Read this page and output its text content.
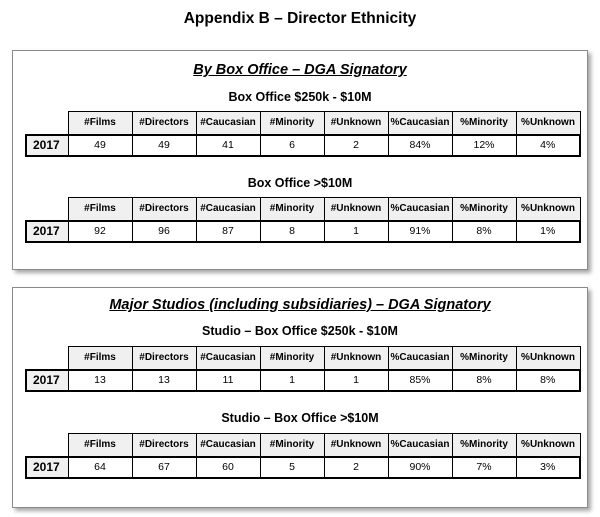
Appendix B – Director Ethnicity
By Box Office – DGA Signatory
Box Office $250k - $10M
	#Films	#Directors	#Caucasian	#Minority	#Unknown	%Caucasian	%Minority	%Unknown
2017	49	49	41	6	2	84%	12%	4%
Box Office >$10M
	#Films	#Directors	#Caucasian	#Minority	#Unknown	%Caucasian	%Minority	%Unknown
2017	92	96	87	8	1	91%	8%	1%
Major Studios (including subsidiaries) – DGA Signatory
Studio – Box Office $250k - $10M
	#Films	#Directors	#Caucasian	#Minority	#Unknown	%Caucasian	%Minority	%Unknown
2017	13	13	11	1	1	85%	8%	8%
Studio – Box Office >$10M
	#Films	#Directors	#Caucasian	#Minority	#Unknown	%Caucasian	%Minority	%Unknown
2017	64	67	60	5	2	90%	7%	3%
